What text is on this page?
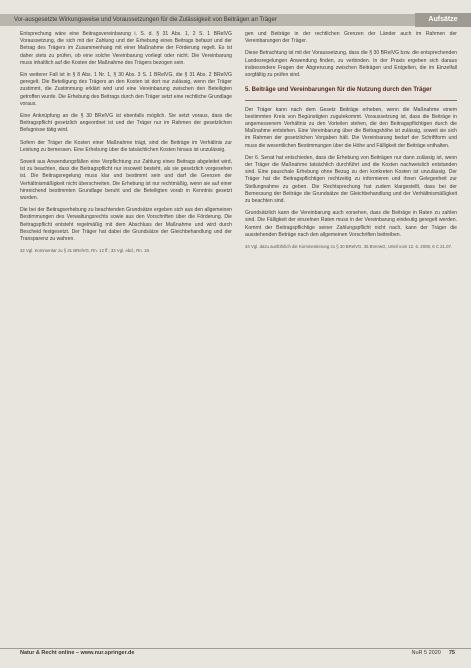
Vor-ausgesetzte Wirkungsweise und Voraussetzungen für die Zulässigkeit von Beiträgen an Träger	Aufsätze

Entsprechung wäre eine Beitragsvereinbarung i. S. d. § 31 Abs. 1, 2 S. 1 BRelVG Voraussetzung, die sich mit der Zahlung und der Erhebung eines Beitrags befasst und der Betrag des Trägers im Zusammenhang mit einer Maßnahme der Förderung regelt. Es ist daher stets zu prüfen, ob eine solche Vereinbarung vorliegt oder nicht. Die Vereinbarung muss inhaltlich auf die Kosten der Maßnahme des Trägers bezogen sein.

Ein weiterer Fall ist in § 8 Abs. 1 Nr. 1, § 30 Abs. 3 S. 1 BRelVG, die § 31 Abs. 2 BRelVG geregelt. Die Beteiligung des Trägers an den Kosten ist dort nur zulässig, wenn der Träger zustimmt, die Zustimmung erklärt wird und eine Vereinbarung zwischen den Beteiligten getroffen wurde. Die Erhebung des Beitrags durch den Träger setzt eine rechtliche Grundlage voraus.

Eine Anknüpfung an die § 30 BRelVG ist ebenfalls möglich. Sie setzt voraus, dass die Beitragspflicht gesetzlich angeordnet ist und der Träger nur im Rahmen der gesetzlichen Befugnisse tätig wird.

Sofern der Träger die Kosten einer Maßnahme trägt, sind die Beiträge im Verhältnis zur Leistung zu bemessen. Eine Erhebung über die tatsächlichen Kosten hinaus ist unzulässig.

Soweit aus Anwendungsfällen eine Verpflichtung zur Zahlung eines Beitrags abgeleitet wird, ist zu beachten, dass die Beitragspflicht nur insoweit besteht, als sie gesetzlich vorgesehen ist. Die Beitragsregelung muss klar und bestimmt sein und darf die Grenzen der Verhältnismäßigkeit nicht überschreiten. Die Erhebung ist nur rechtmäßig, wenn sie auf einer hinreichend bestimmten Grundlage beruht und die Beteiligten vorab in Kenntnis gesetzt wurden.

Die bei der Beitragserhebung zu beachtenden Grundsätze ergeben sich aus den allgemeinen Bestimmungen des Verwaltungsrechts sowie aus den Vorschriften über die Förderung. Die Beitragspflicht entsteht regelmäßig mit dem Abschluss der Maßnahme und wird durch Bescheid festgesetzt. Der Träger hat dabei die Grundsätze der Gleichbehandlung und der Transparenz zu wahren.

32 Vgl. Kommentar zu § 31 BRelVG, Rn. 12 ff.; 33 Vgl. ebd., Rn. 18.

gen und Beiträge in der rechtlichen Grenzen der Länder auch im Rahmen der Vereinbarungen der Träger.

Diese Betrachtung ist mit der Voraussetzung, dass die § 30 BRelVG bzw. die entsprechenden Landesregelungen Anwendung finden, zu verbinden. In der Praxis ergeben sich daraus insbesondere Fragen der Abgrenzung zwischen Beiträgen und Entgelten, die im Einzelfall sorgfältig zu prüfen sind.

5. Beiträge und Vereinbarungen für die Nutzung durch den Träger

Der Träger kann nach dem Gesetz Beiträge erheben, wenn die Maßnahme einem bestimmten Kreis von Begünstigten zugutekommt. Voraussetzung ist, dass die Beiträge in angemessenem Verhältnis zu den Vorteilen stehen, die den Beitragspflichtigen durch die Maßnahme entstehen. Eine Vereinbarung über die Beitragshöhe ist zulässig, soweit sie sich im Rahmen der gesetzlichen Vorgaben hält. Die Vereinbarung bedarf der Schriftform und muss die wesentlichen Bestimmungen über die Höhe und Fälligkeit der Beiträge enthalten.

Der 6. Senat hat entschieden, dass die Erhebung von Beiträgen nur dann zulässig ist, wenn der Träger die Maßnahme tatsächlich durchführt und die Kosten nachweislich entstanden sind. Eine pauschale Erhebung ohne Bezug zu den konkreten Kosten ist unzulässig. Der Träger hat die Beitragspflichtigen rechtzeitig zu informieren und ihnen Gelegenheit zur Stellungnahme zu geben. Die Rechtsprechung hat zudem klargestellt, dass bei der Bemessung der Beiträge die Grundsätze der Gleichbehandlung und der Verhältnismäßigkeit zu beachten sind.

Grundsätzlich kann die Vereinbarung auch vorsehen, dass die Beiträge in Raten zu zahlen sind. Die Fälligkeit der einzelnen Raten muss in der Vereinbarung eindeutig geregelt werden. Kommt der Beitragspflichtige seiner Zahlungspflicht nicht nach, kann der Träger die ausstehenden Beträge nach den allgemeinen Vorschriften beitreiben.

34 Vgl. dazu ausführlich die Kommentierung zu § 30 BRelVG. 35 BVerwG, Urteil vom 12. 6. 2008, 6 C 21.07.

Natur & Recht online – www.nur.springer.de	NuR 5 2020 75
